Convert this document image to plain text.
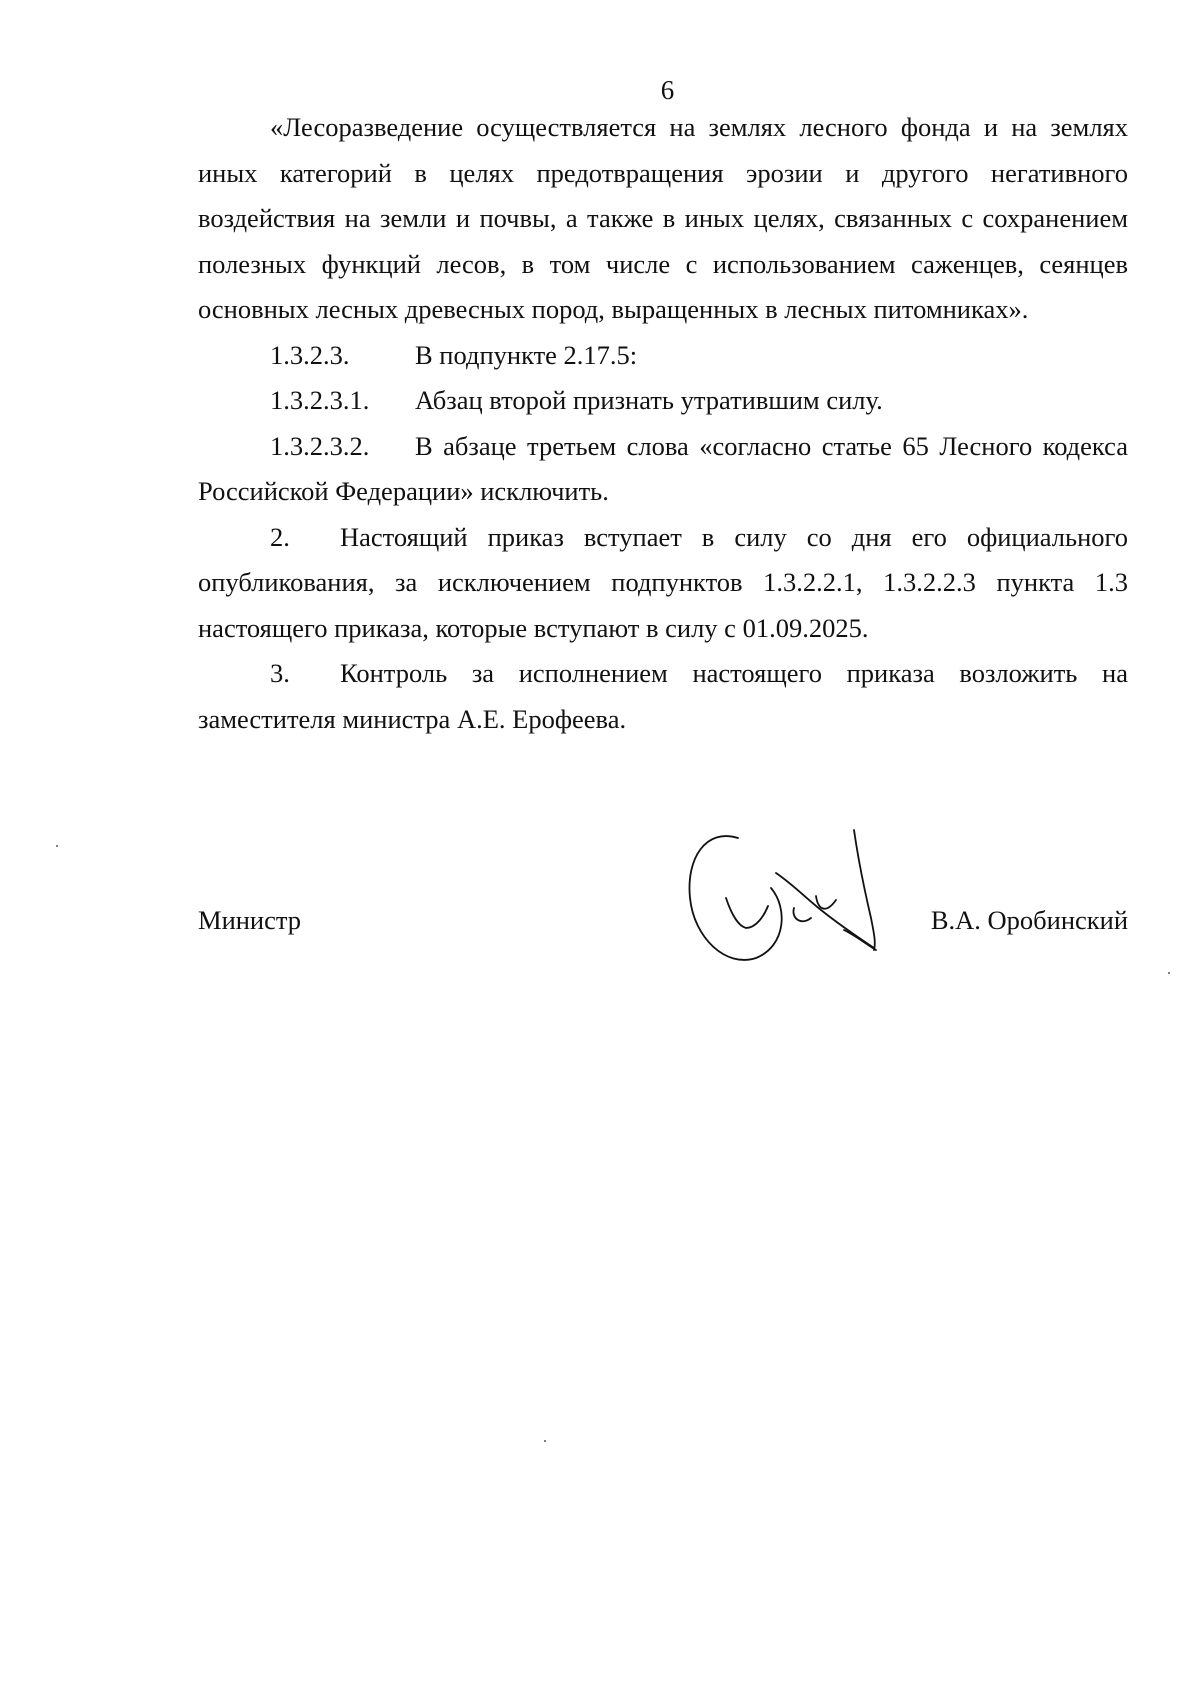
6

«Лесоразведение осуществляется на землях лесного фонда и на землях иных категорий в целях предотвращения эрозии и другого негативного воздействия на земли и почвы, а также в иных целях, связанных с сохранением полезных функций лесов, в том числе с использованием саженцев, сеянцев основных лесных древесных пород, выращенных в лесных питомниках».

1.3.2.3. В подпункте 2.17.5:

1.3.2.3.1. Абзац второй признать утратившим силу.

1.3.2.3.2. В абзаце третьем слова «согласно статье 65 Лесного кодекса Российской Федерации» исключить.

2. Настоящий приказ вступает в силу со дня его официального опубликования, за исключением подпунктов 1.3.2.2.1, 1.3.2.2.3 пункта 1.3 настоящего приказа, которые вступают в силу с 01.09.2025.

3. Контроль за исполнением настоящего приказа возложить на заместителя министра А.Е. Ерофеева.

Министр	В.А. Оробинский
